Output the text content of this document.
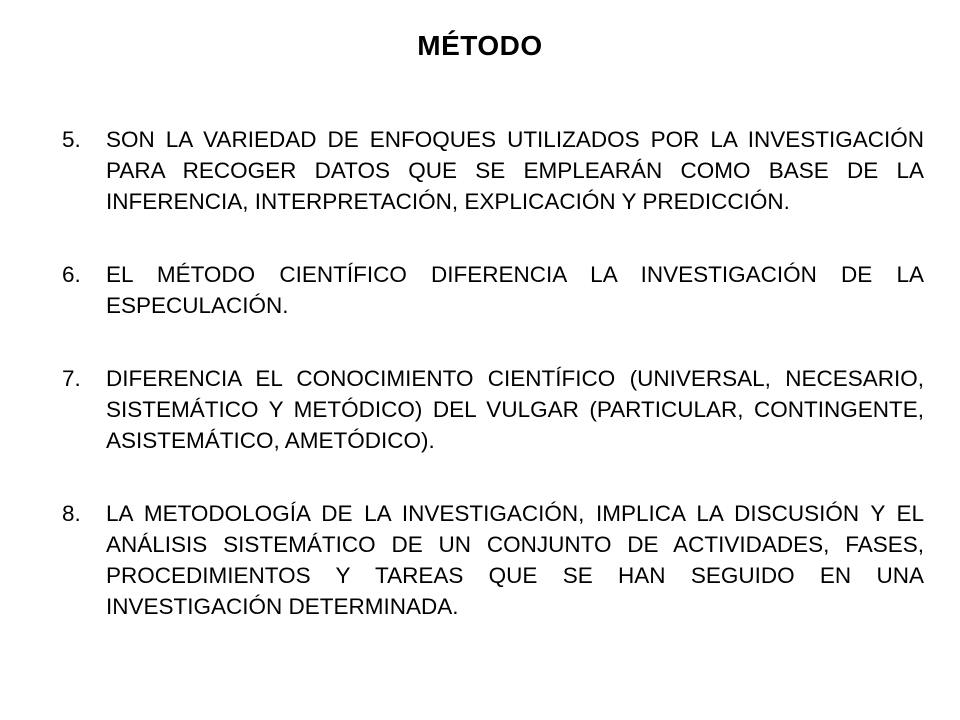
MÉTODO
5.	SON LA VARIEDAD DE ENFOQUES UTILIZADOS POR LA INVESTIGACIÓN PARA RECOGER DATOS QUE SE EMPLEARÁN COMO BASE DE LA INFERENCIA, INTERPRETACIÓN, EXPLICACIÓN Y PREDICCIÓN.
6.	EL MÉTODO CIENTÍFICO DIFERENCIA LA INVESTIGACIÓN DE LA ESPECULACIÓN.
7.	DIFERENCIA EL CONOCIMIENTO CIENTÍFICO (UNIVERSAL, NECESARIO, SISTEMÁTICO Y METÓDICO) DEL VULGAR (PARTICULAR, CONTINGENTE, ASISTEMÁTICO, AMETÓDICO).
8.	LA METODOLOGÍA DE LA INVESTIGACIÓN, IMPLICA LA DISCUSIÓN Y EL ANÁLISIS SISTEMÁTICO DE UN CONJUNTO DE ACTIVIDADES, FASES, PROCEDIMIENTOS Y TAREAS QUE SE HAN SEGUIDO EN UNA INVESTIGACIÓN DETERMINADA.
